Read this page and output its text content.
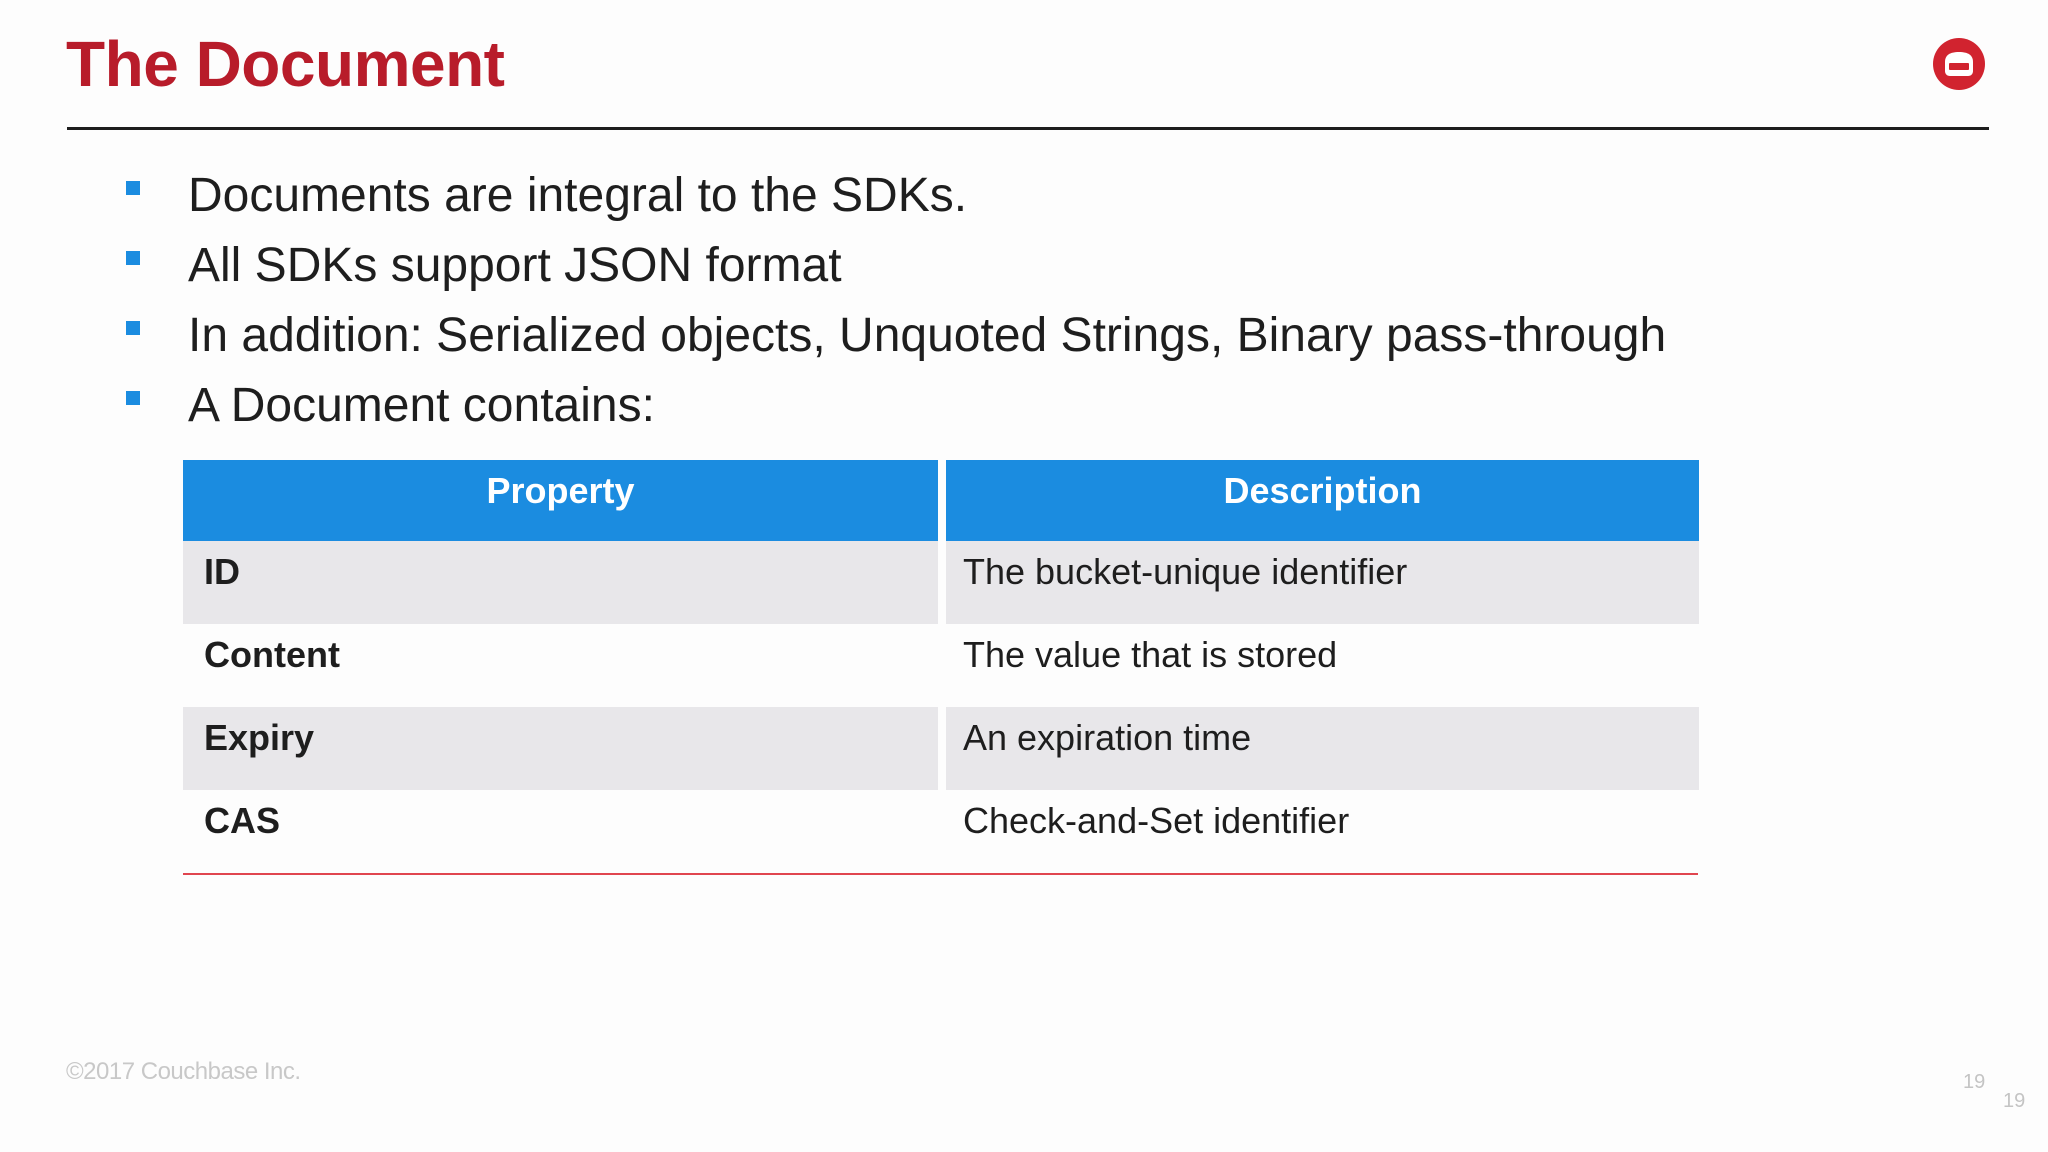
The Document
Documents are integral to the SDKs.
All SDKs support JSON format
In addition: Serialized objects, Unquoted Strings, Binary pass-through
A Document contains:
Property		Description
ID		The bucket-unique identifier
Content		The value that is stored
Expiry		An expiration time
CAS		Check-and-Set identifier
©2017 Couchbase Inc.	19
19
